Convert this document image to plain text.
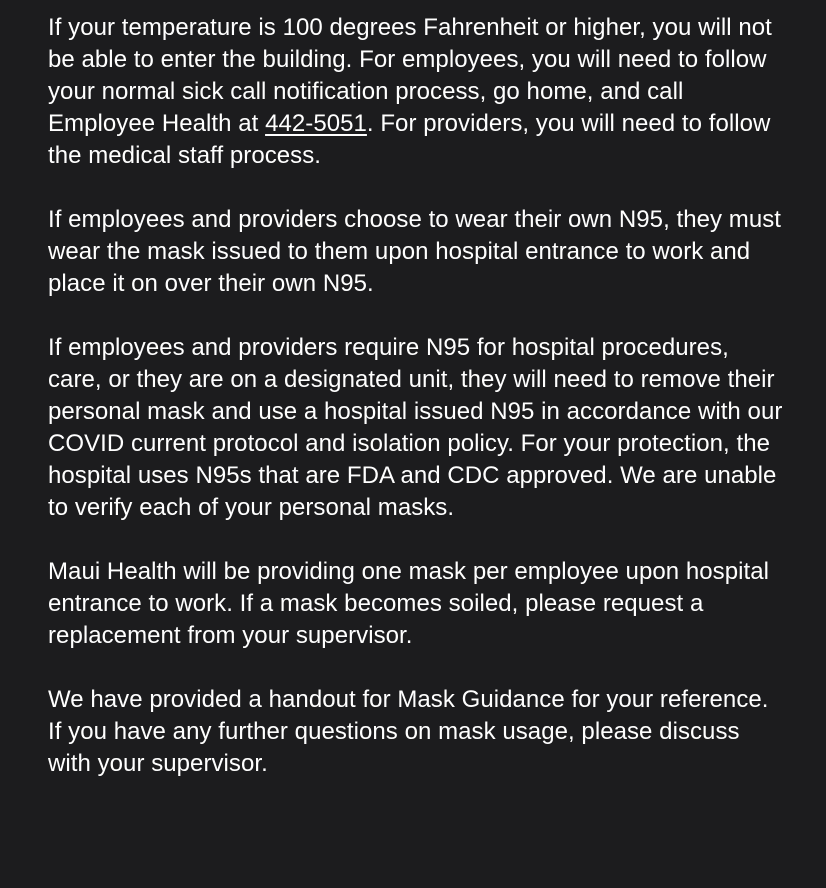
If your temperature is 100 degrees Fahrenheit or higher, you will not be able to enter the building. For employees, you will need to follow your normal sick call notification process, go home, and call Employee Health at 442-5051. For providers, you will need to follow the medical staff process.

If employees and providers choose to wear their own N95, they must wear the mask issued to them upon hospital entrance to work and place it on over their own N95.

If employees and providers require N95 for hospital procedures, care, or they are on a designated unit, they will need to remove their personal mask and use a hospital issued N95 in accordance with our COVID current protocol and isolation policy. For your protection, the hospital uses N95s that are FDA and CDC approved. We are unable to verify each of your personal masks.

Maui Health will be providing one mask per employee upon hospital entrance to work. If a mask becomes soiled, please request a replacement from your supervisor.

We have provided a handout for Mask Guidance for your reference. If you have any further questions on mask usage, please discuss with your supervisor.
